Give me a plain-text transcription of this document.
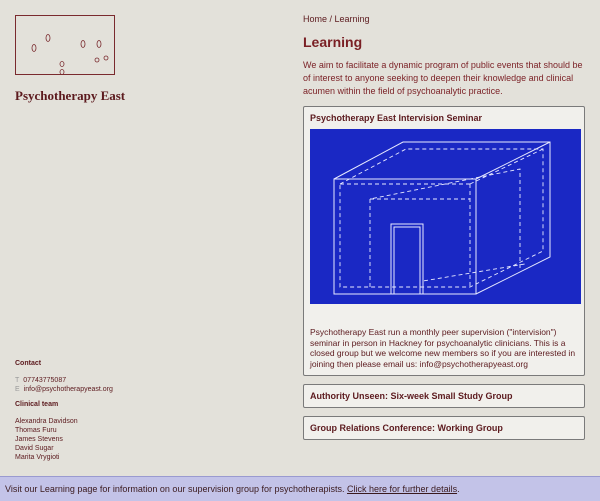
Psychotherapy East
Contact
T 07743775087
E info@psychotherapyeast.org
Clinical team
Alexandra Davidson
Thomas Furu
James Stevens
David Sugar
Marita Vrygioti
Home / Learning
Learning

We aim to facilitate a dynamic program of public events that should be of interest to anyone seeking to deepen their knowledge and clinical acumen within the field of psychoanalytic practice.

Psychotherapy East Intervision Seminar

Psychotherapy East run a monthly peer supervision ("intervision") seminar in person in Hackney for psychoanalytic clinicians. This is a closed group but we welcome new members so if you are interested in joining then please email us: info@psychotherapyeast.org

Authority Unseen: Six-week Small Study Group
Group Relations Conference: Working Group
Visit our Learning page for information on our supervision group for psychotherapists. Click here for further details.
